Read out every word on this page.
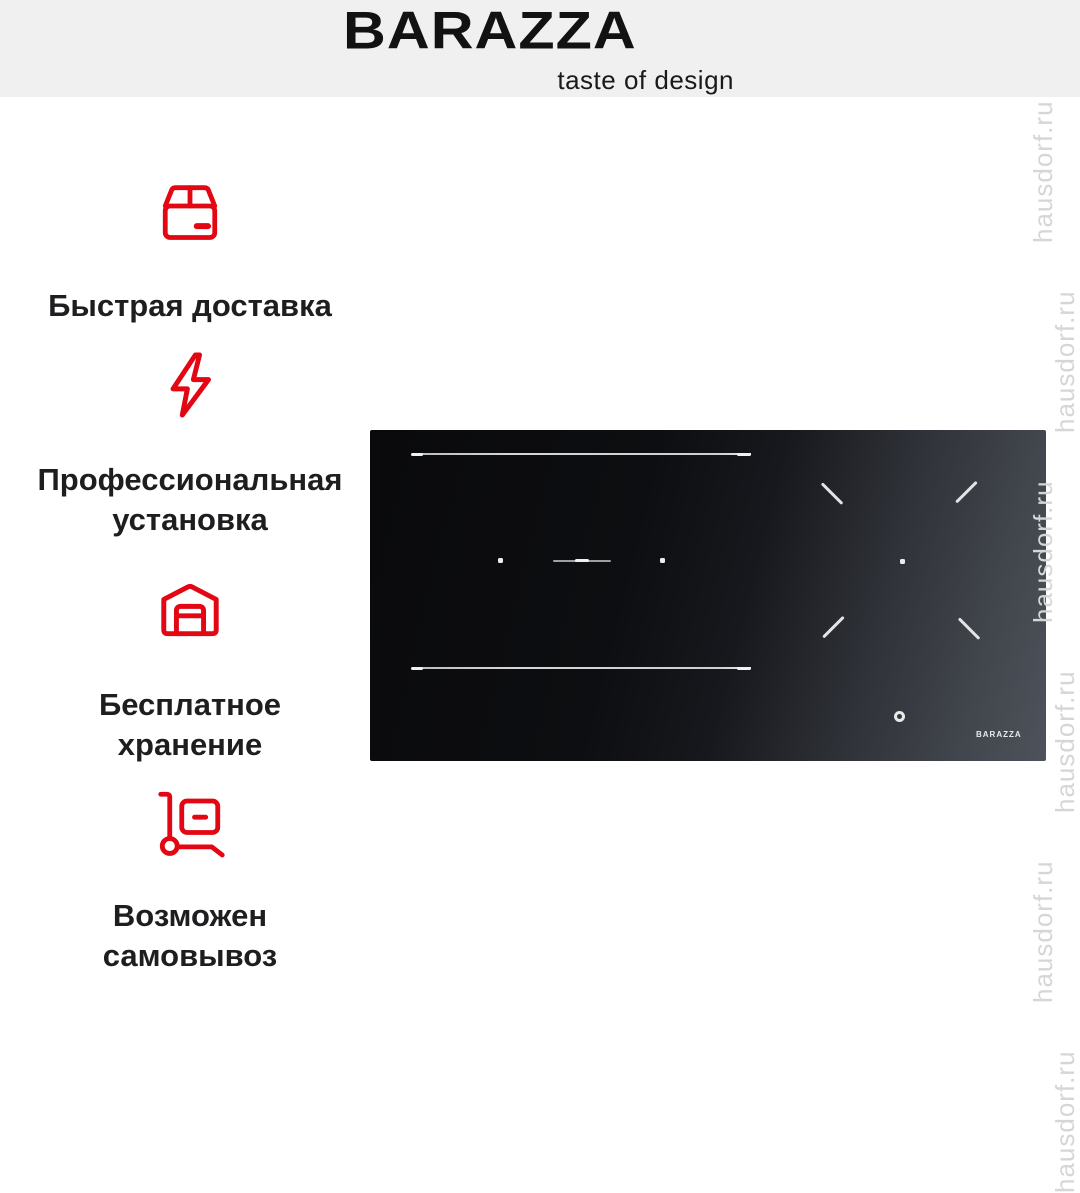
BARAZZA
taste of design
Быстрая доставка
Профессиональная
установка
Бесплатное
хранение
Возможен
самовывоз
BARAZZA
hausdorf.ru
hausdorf.ru
hausdorf.ru
hausdorf.ru
hausdorf.ru
hausdorf.ru
